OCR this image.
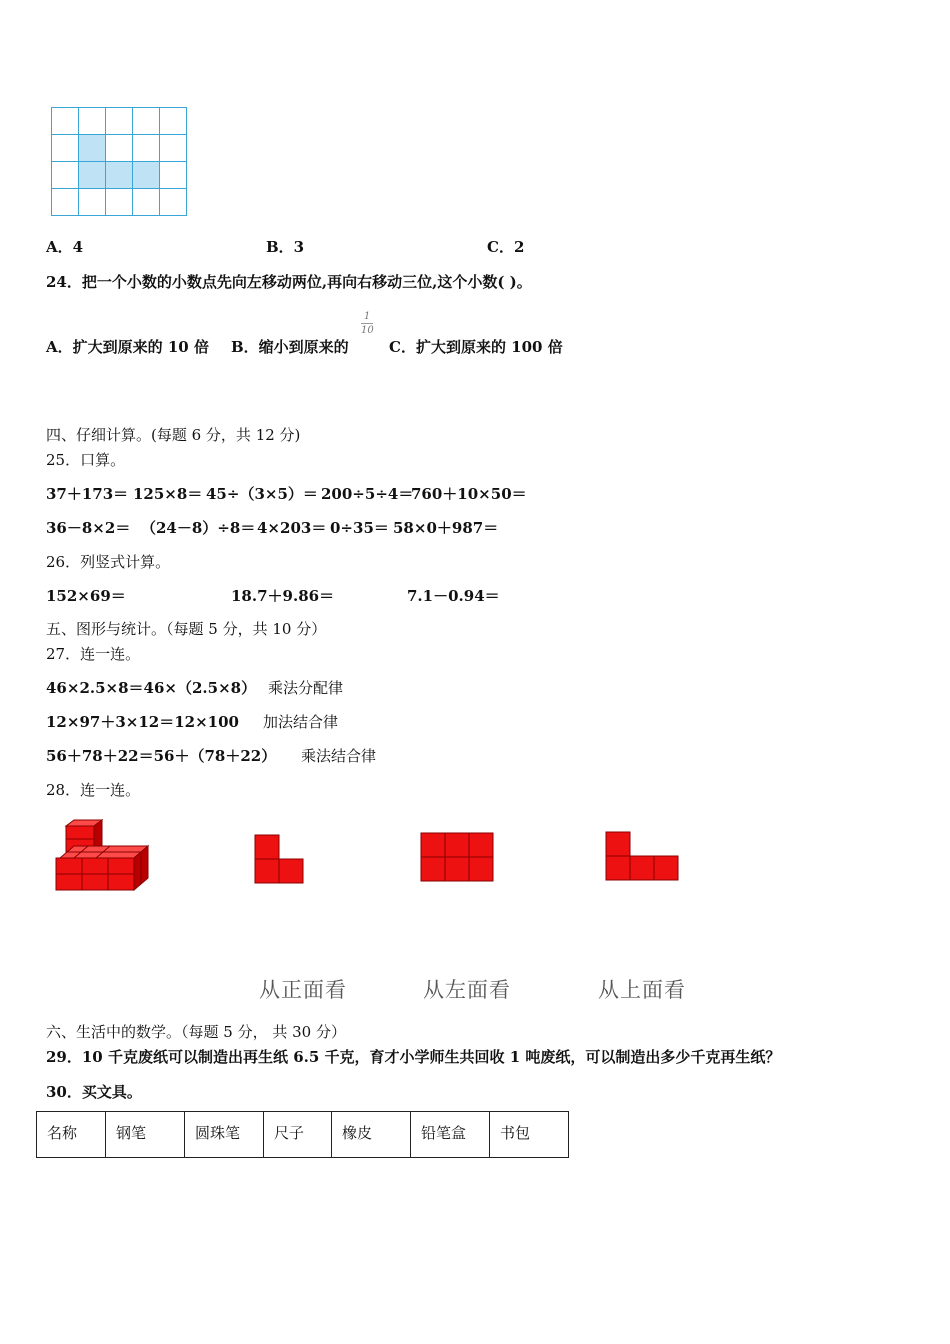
A．4	B．3	C．2
24．把一个小数的小数点先向左移动两位,再向右移动三位,这个小数( )。
A．扩大到原来的 10 倍 B．缩小到原来的
1
10
C．扩大到原来的 100 倍
四、仔细计算。(每题 6 分，共 12 分)
25．口算。
37＋173＝ 125×8＝ 45÷（3×5）＝ 200÷5÷4＝
760＋10×50＝
36－8×2＝ （24－8）÷8＝ 4×203＝ 0÷35＝ 58×0＋987＝
26．列竖式计算。
152×69＝	18.7＋9.86＝	7.1－0.94＝
五、图形与统计。（每题 5 分，共 10 分）
27．连一连。
46×2.5×8＝46×（2.5×8） 乘法分配律
12×97＋3×12＝12×100 加法结合律
56＋78＋22＝56＋（78＋22） 乘法结合律
28．连一连。
从正面看	从左面看	从上面看
六、生活中的数学。（每题 5 分， 共 30 分）
29．10 千克废纸可以制造出再生纸 6.5 千克，育才小学师生共回收 1 吨废纸，可以制造出多少千克再生纸？
30．买文具。
名称	钢笔	圆珠笔	尺子	橡皮	铅笔盒	书包
